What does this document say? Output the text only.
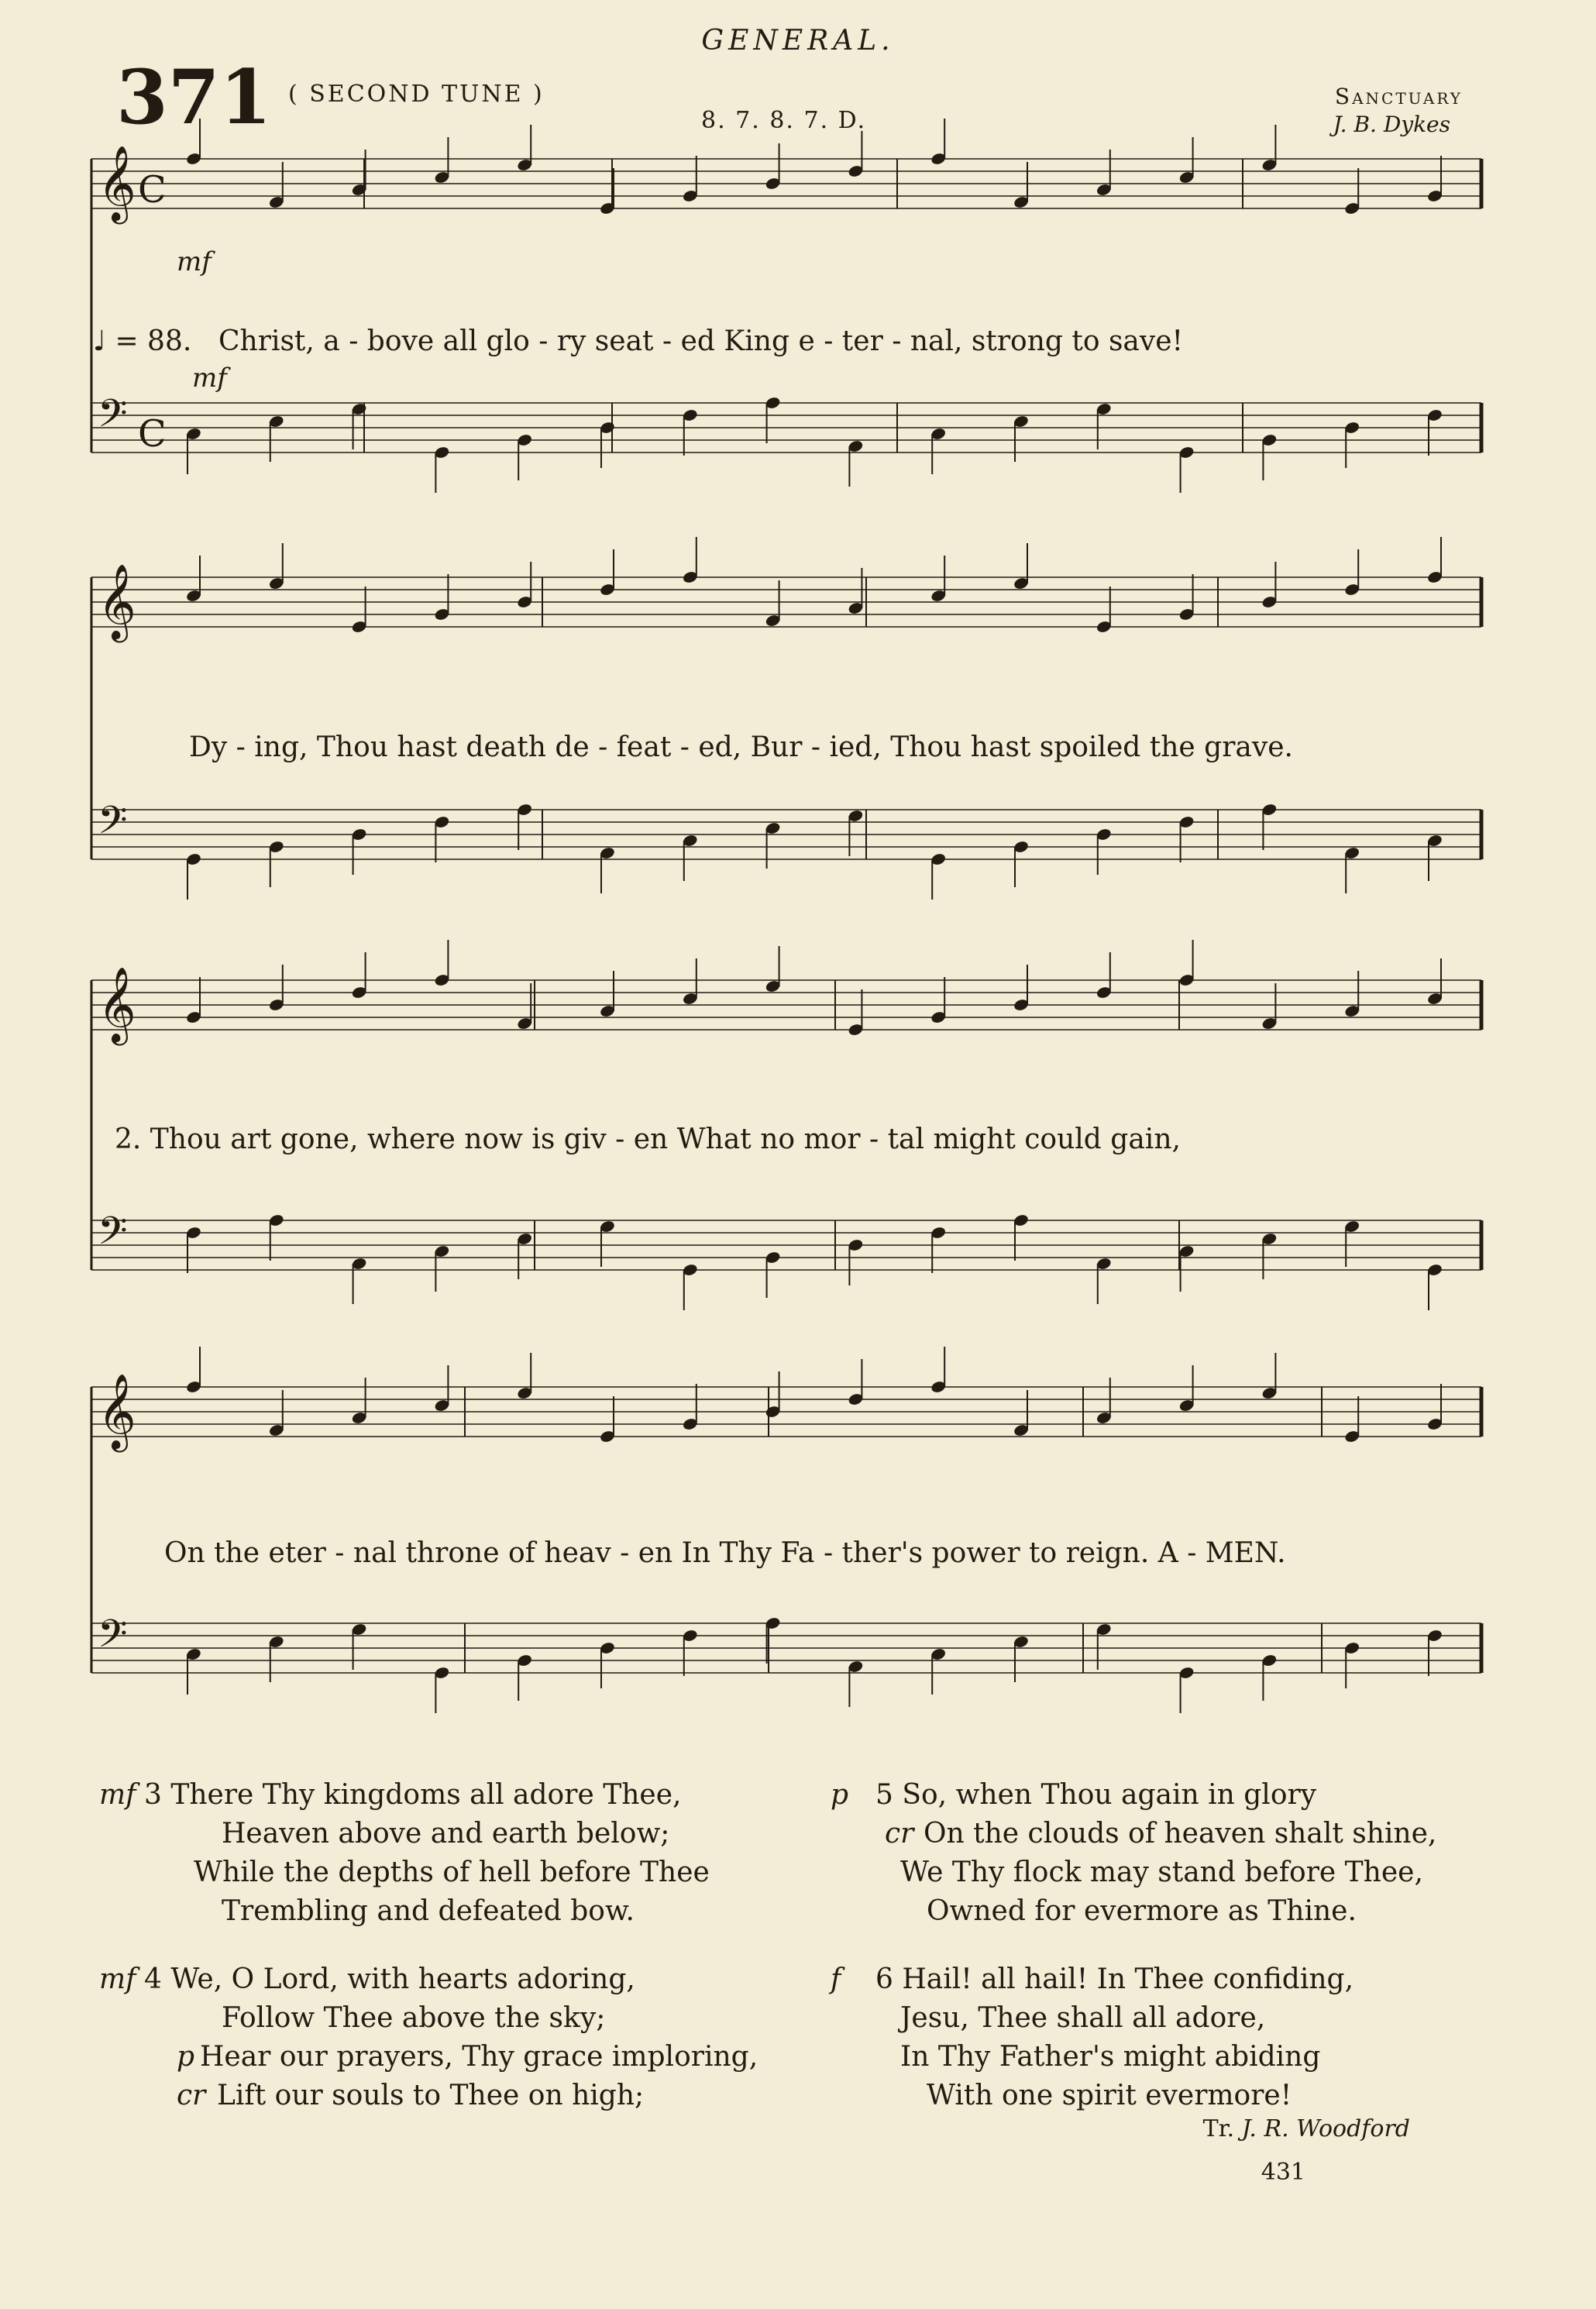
GENERAL.
371 ( SECOND TUNE )
8. 7. 8. 7. D.
Sanctuary
J. B. Dykes
𝄞
𝄢
𝄞
𝄢
𝄞
𝄢
𝄞
𝄢
C
C
♩ = 88.
mf
mf
Christ, a - bove all glo - ry seat - ed King e - ter - nal, strong to save!
Dy - ing, Thou hast death de - feat - ed, Bur - ied, Thou hast spoiled the grave.
2. Thou art gone, where now is giv - en What no mor - tal might could gain,
On the eter - nal throne of heav - en In Thy Fa - ther's power to reign. A - MEN.
mf 3 There Thy kingdoms all adore Thee,
Heaven above and earth below;
While the depths of hell before Thee
Trembling and defeated bow.
mf 4 We, O Lord, with hearts adoring,
Follow Thee above the sky;
p Hear our prayers, Thy grace imploring,
cr Lift our souls to Thee on high;
p 5 So, when Thou again in glory
cr On the clouds of heaven shalt shine,
We Thy flock may stand before Thee,
Owned for evermore as Thine.
f 6 Hail! all hail! In Thee confiding,
Jesu, Thee shall all adore,
In Thy Father's might abiding
With one spirit evermore!
Tr. J. R. Woodford
431
